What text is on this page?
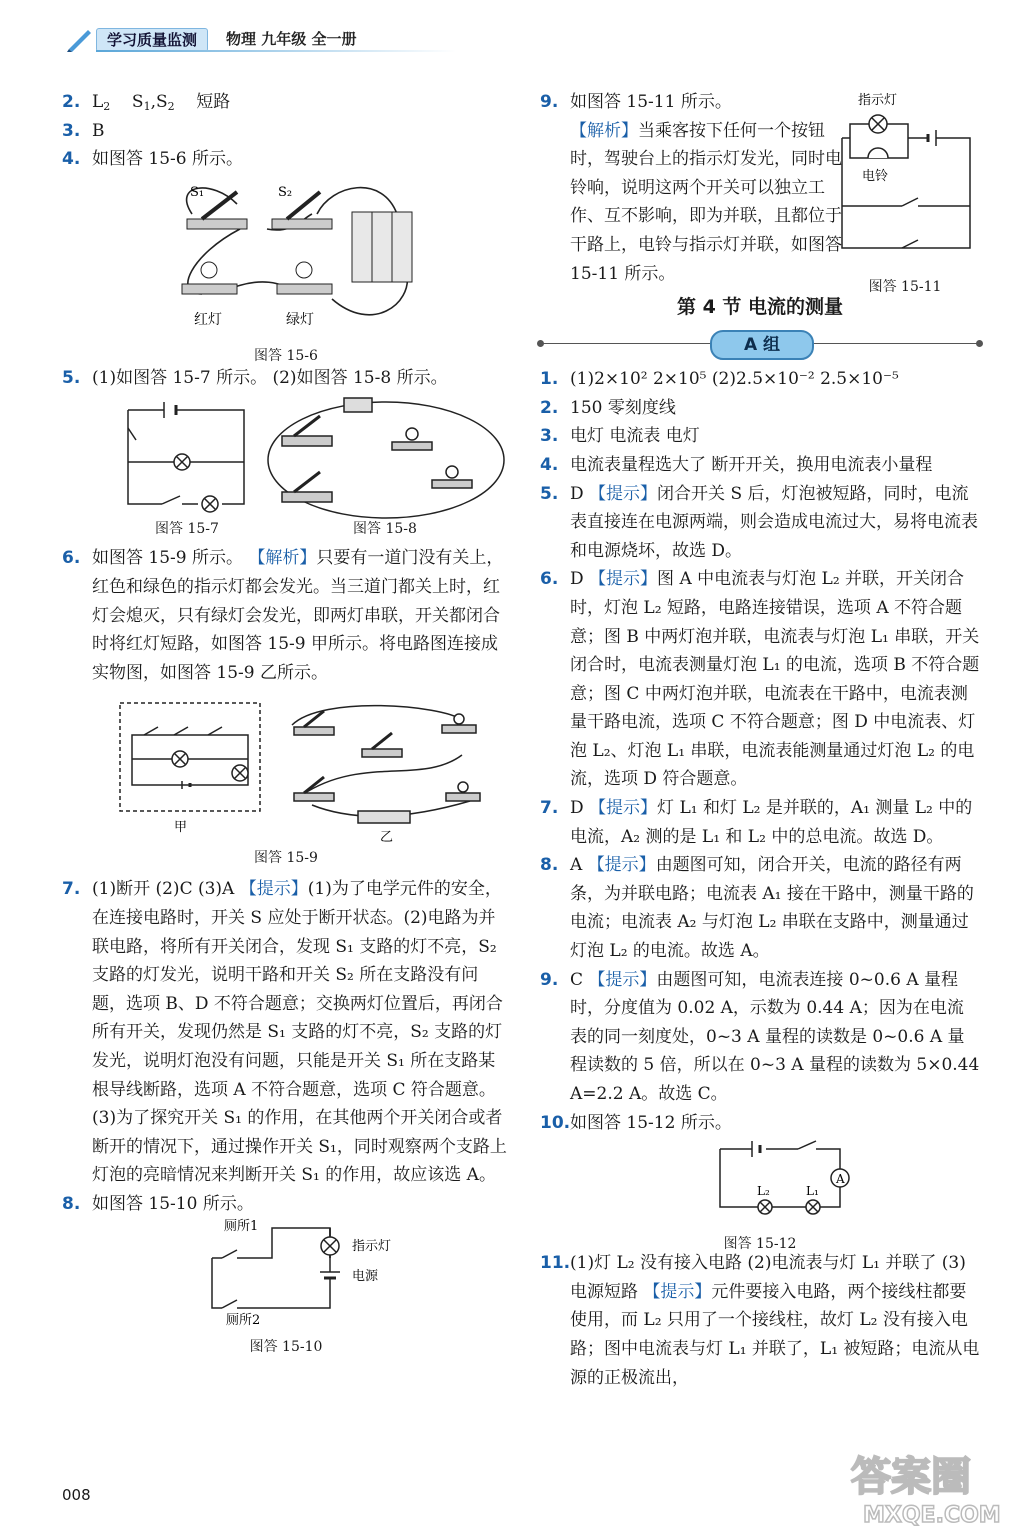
学习质量监测	物理 九年级 全一册
2. $L_2$ $S_1,S_2$ 短路
3. B
4. 如图答 15-6 所示。
S₁	S₂
红灯	绿灯
图答 15-6
5. (1)如图答 15-7 所示。 (2)如图答 15-8 所示。
图答 15-7	图答 15-8
6. 如图答 15-9 所示。 【解析】只要有一道门没有关上，红色和绿色的指示灯都会发光。当三道门都关上时，红灯会熄灭，只有绿灯会发光，即两灯串联，开关都闭合时将红灯短路，如图答 15-9 甲所示。将电路图连接成实物图，如图答 15-9 乙所示。
甲
乙
图答 15-9
7. (1)断开 (2)C (3)A 【提示】(1)为了电学元件的安全，在连接电路时，开关 S 应处于断开状态。(2)电路为并联电路，将所有开关闭合，发现 S₁ 支路的灯不亮，S₂ 支路的灯发光，说明干路和开关 S₂ 所在支路没有问题，选项 B、D 不符合题意；交换两灯位置后，再闭合所有开关，发现仍然是 S₁ 支路的灯不亮，S₂ 支路的灯发光，说明灯泡没有问题，只能是开关 S₁ 所在支路某根导线断路，选项 A 不符合题意，选项 C 符合题意。(3)为了探究开关 S₁ 的作用，在其他两个开关闭合或者断开的情况下，通过操作开关 S₁，同时观察两个支路上灯泡的亮暗情况来判断开关 S₁ 的作用，故应该选 A。
8. 如图答 15-10 所示。
厕所1
厕所2
指示灯
电源
图答 15-10
9. 如图答 15-11 所示。
【解析】当乘客按下任何一个按钮时，驾驶台上的指示灯发光，同时电铃响，说明这两个开关可以独立工作、互不影响，即为并联，且都位于干路上，电铃与指示灯并联，如图答 15-11 所示。
指示灯
电铃
图答 15-11
第 4 节 电流的测量
A 组
1. (1)2×10² 2×10⁵ (2)2.5×10⁻² 2.5×10⁻⁵
2. 150 零刻度线
3. 电灯 电流表 电灯
4. 电流表量程选大了 断开开关，换用电流表小量程
5. D 【提示】闭合开关 S 后，灯泡被短路，同时，电流表直接连在电源两端，则会造成电流过大，易将电流表和电源烧坏，故选 D。
6. D 【提示】图 A 中电流表与灯泡 L₂ 并联，开关闭合时，灯泡 L₂ 短路，电路连接错误，选项 A 不符合题意；图 B 中两灯泡并联，电流表与灯泡 L₁ 串联，开关闭合时，电流表测量灯泡 L₁ 的电流，选项 B 不符合题意；图 C 中两灯泡并联，电流表在干路中，电流表测量干路电流，选项 C 不符合题意；图 D 中电流表、灯泡 L₂、灯泡 L₁ 串联，电流表能测量通过灯泡 L₂ 的电流，选项 D 符合题意。
7. D 【提示】灯 L₁ 和灯 L₂ 是并联的，A₁ 测量 L₂ 中的电流，A₂ 测的是 L₁ 和 L₂ 中的总电流。故选 D。
8. A 【提示】由题图可知，闭合开关，电流的路径有两条，为并联电路；电流表 A₁ 接在干路中，测量干路的电流；电流表 A₂ 与灯泡 L₂ 串联在支路中，测量通过灯泡 L₂ 的电流。故选 A。
9. C 【提示】由题图可知，电流表连接 0~0.6 A 量程时，分度值为 0.02 A，示数为 0.44 A；因为在电流表的同一刻度处，0~3 A 量程的读数是 0~0.6 A 量程读数的 5 倍，所以在 0~3 A 量程的读数为 5×0.44 A=2.2 A。故选 C。
10. 如图答 15-12 所示。
A
L₁
L₂
图答 15-12
11. (1)灯 L₂ 没有接入电路 (2)电流表与灯 L₁ 并联了 (3)电源短路 【提示】元件要接入电路，两个接线柱都要使用，而 L₂ 只用了一个接线柱，故灯 L₂ 没有接入电路；图中电流表与灯 L₁ 并联了，L₁ 被短路；电流从电源的正极流出，
008	答案圈
MXQE.COM
